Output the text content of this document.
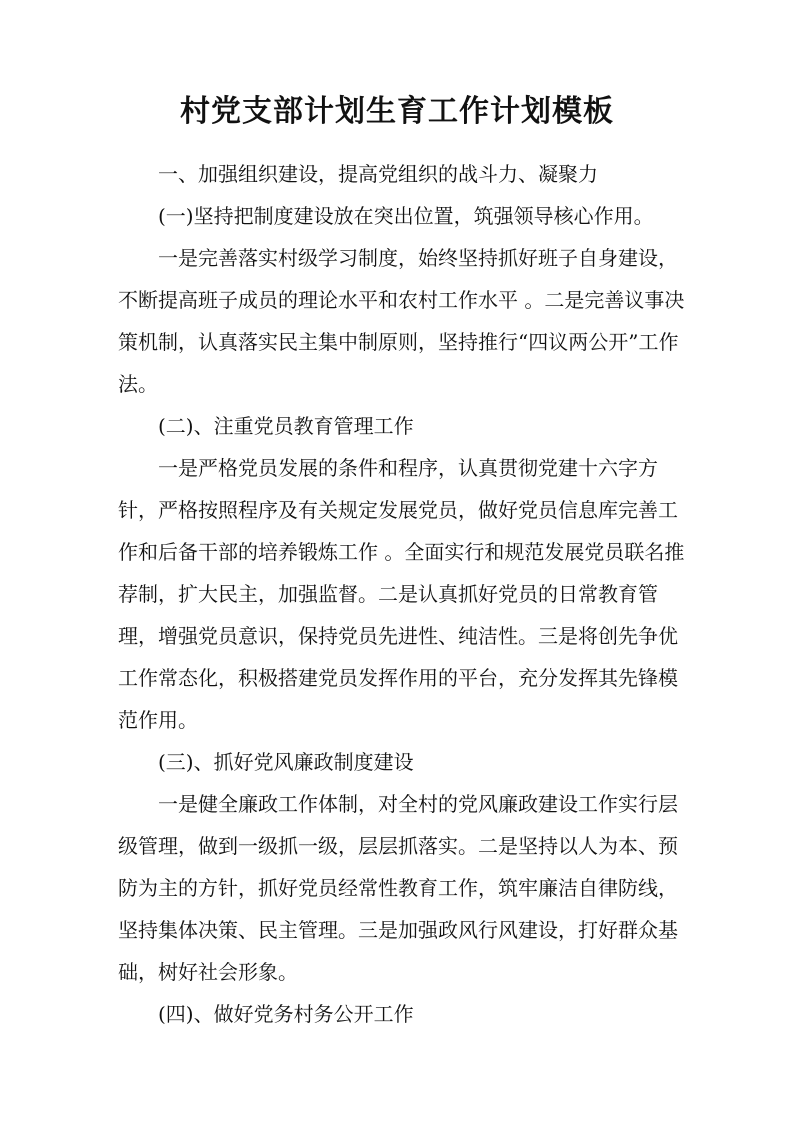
村党支部计划生育工作计划模板

一、加强组织建设，提高党组织的战斗力、凝聚力

(一)坚持把制度建设放在突出位置，筑强领导核心作用。

一是完善落实村级学习制度，始终坚持抓好班子自身建设，不断提高班子成员的理论水平和农村工作水平 。二是完善议事决策机制，认真落实民主集中制原则，坚持推行“四议两公开”工作法。

(二)、注重党员教育管理工作

一是严格党员发展的条件和程序，认真贯彻党建十六字方针，严格按照程序及有关规定发展党员，做好党员信息库完善工作和后备干部的培养锻炼工作 。全面实行和规范发展党员联名推荐制，扩大民主，加强监督。二是认真抓好党员的日常教育管理，增强党员意识，保持党员先进性、纯洁性。三是将创先争优工作常态化，积极搭建党员发挥作用的平台，充分发挥其先锋模范作用。

(三)、抓好党风廉政制度建设

一是健全廉政工作体制，对全村的党风廉政建设工作实行层级管理，做到一级抓一级，层层抓落实。二是坚持以人为本、预防为主的方针，抓好党员经常性教育工作，筑牢廉洁自律防线，坚持集体决策、民主管理。三是加强政风行风建设，打好群众基础，树好社会形象。

(四)、做好党务村务公开工作
